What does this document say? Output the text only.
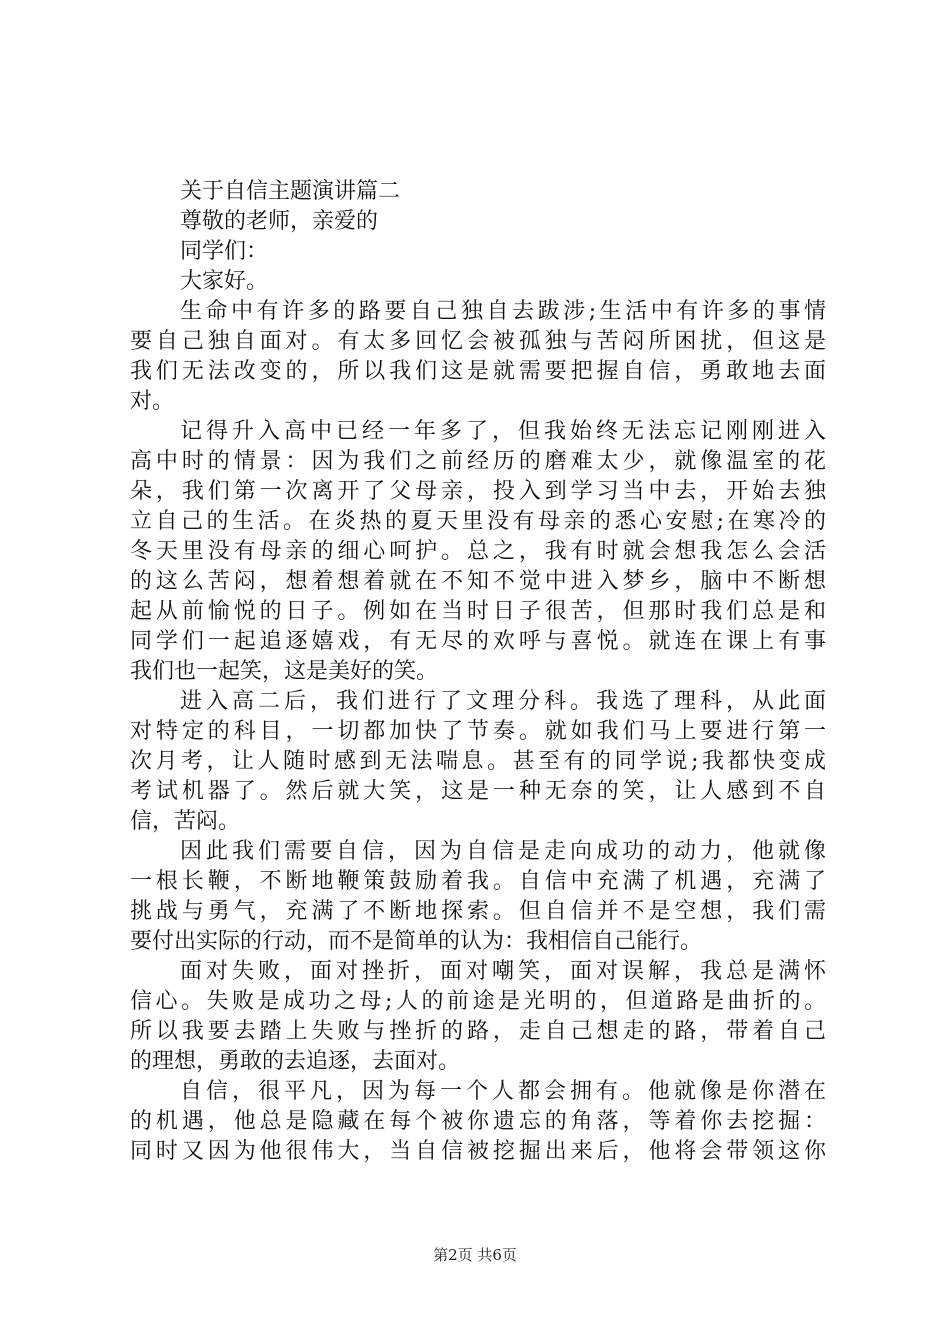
关于自信主题演讲篇二
尊敬的老师，亲爱的
同学们：
大家好。
生命中有许多的路要自己独自去跋涉;生活中有许多的事情
要自己独自面对。有太多回忆会被孤独与苦闷所困扰，但这是
我们无法改变的，所以我们这是就需要把握自信，勇敢地去面
对。
记得升入高中已经一年多了，但我始终无法忘记刚刚进入
高中时的情景：因为我们之前经历的磨难太少，就像温室的花
朵，我们第一次离开了父母亲，投入到学习当中去，开始去独
立自己的生活。在炎热的夏天里没有母亲的悉心安慰;在寒冷的
冬天里没有母亲的细心呵护。总之，我有时就会想我怎么会活
的这么苦闷，想着想着就在不知不觉中进入梦乡，脑中不断想
起从前愉悦的日子。例如在当时日子很苦，但那时我们总是和
同学们一起追逐嬉戏，有无尽的欢呼与喜悦。就连在课上有事
我们也一起笑，这是美好的笑。
进入高二后，我们进行了文理分科。我选了理科，从此面
对特定的科目，一切都加快了节奏。就如我们马上要进行第一
次月考，让人随时感到无法喘息。甚至有的同学说;我都快变成
考试机器了。然后就大笑，这是一种无奈的笑，让人感到不自
信，苦闷。
因此我们需要自信，因为自信是走向成功的动力，他就像
一根长鞭，不断地鞭策鼓励着我。自信中充满了机遇，充满了
挑战与勇气，充满了不断地探索。但自信并不是空想，我们需
要付出实际的行动，而不是简单的认为：我相信自己能行。
面对失败，面对挫折，面对嘲笑，面对误解，我总是满怀
信心。失败是成功之母;人的前途是光明的，但道路是曲折的。
所以我要去踏上失败与挫折的路，走自己想走的路，带着自己
的理想，勇敢的去追逐，去面对。
自信，很平凡，因为每一个人都会拥有。他就像是你潜在
的机遇，他总是隐藏在每个被你遗忘的角落，等着你去挖掘：
同时又因为他很伟大，当自信被挖掘出来后，他将会带领这你
第2页 共6页
